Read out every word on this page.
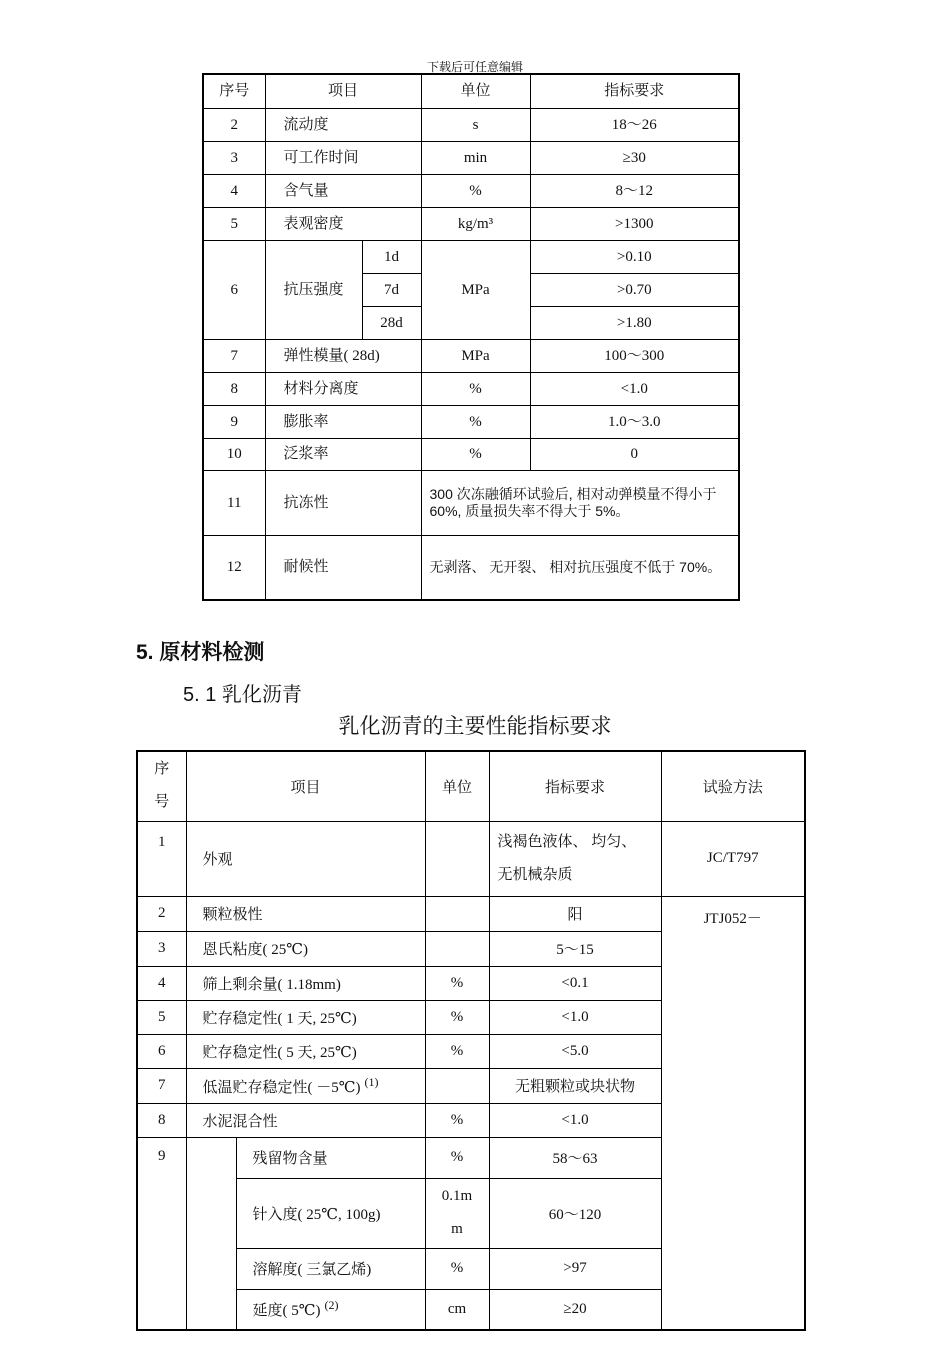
下载后可任意编辑
序号	项目		单位	指标要求
2	流动度		s	18～26
3	可工作时间		min	≥30
4	含气量		%	8～12
5	表观密度		kg/m³	>1300
6	抗压强度	1d	MPa	>0.10
		7d		>0.70
		28d		>1.80
7	弹性模量( 28d)		MPa	100～300
8	材料分离度		%	<1.0
9	膨胀率		%	1.0～3.0
10	泛浆率		%	0
11	抗冻性		300 次冻融循环试验后, 相对动弹模量不得小于 60%, 质量损失率不得大于 5%。	
12	耐候性		无剥落、 无开裂、 相对抗压强度不低于 70%。	
5. 原材料检测
5. 1 乳化沥青
乳化沥青的主要性能指标要求
序号	项目		单位	指标要求	试验方法
1	外观			浅褐色液体、 均匀、 无机械杂质	JC/T797
2	颗粒极性			阳	JTJ052－
3	恩氏粘度( 25℃)			5～15	
4	筛上剩余量( 1.18mm)		%	<0.1	
5	贮存稳定性( 1 天, 25℃)		%	<1.0	
6	贮存稳定性( 5 天, 25℃)		%	<5.0	
7	低温贮存稳定性( －5℃) $^{(1)}$			无粗颗粒或块状物	
8	水泥混合性		%	<1.0	
9		残留物含量	%	58～63	
		针入度( 25℃, 100g)	0.1mm	60～120	
		溶解度( 三氯乙烯)	%	>97	
		延度( 5℃) $^{(2)}$	cm	≥20	
